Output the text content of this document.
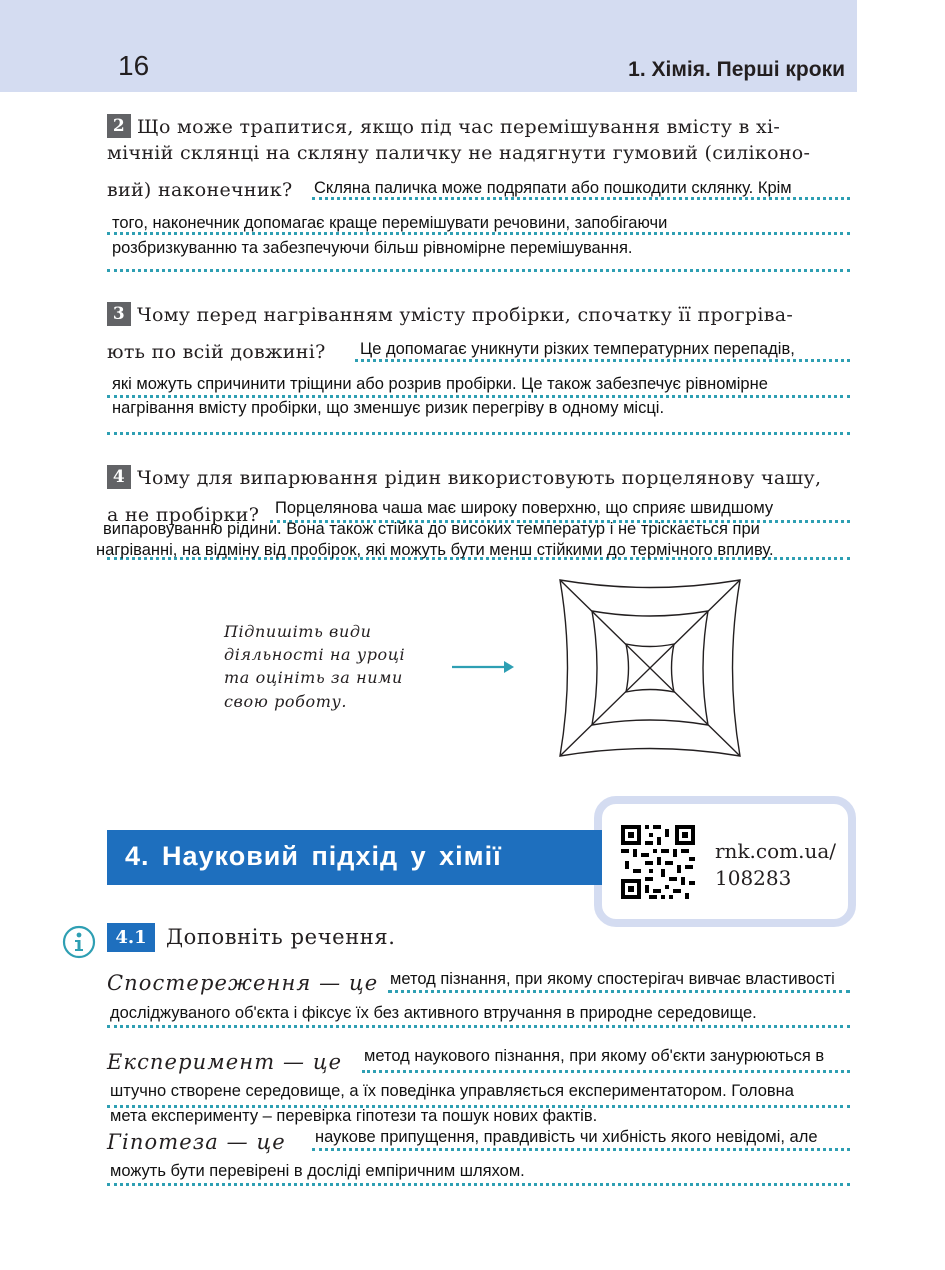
16	1. Хімія. Перші кроки
2 Що може трапитися, якщо під час перемішування вмісту в хі-
мічній склянці на скляну паличку не надягнути гумовий (силіконо-
вий) наконечник? Скляна паличка може подряпати або пошкодити склянку. Крім
того, наконечник допомагає краще перемішувати речовини, запобігаючи
розбризкуванню та забезпечуючи більш рівномірне перемішування.
3 Чому перед нагріванням умісту пробірки, спочатку її прогріва-
ють по всій довжині? Це допомагає уникнути різких температурних перепадів,
які можуть спричинити тріщини або розрив пробірки. Це також забезпечує рівномірне
нагрівання вмісту пробірки, що зменшує ризик перегріву в одному місці.
4 Чому для випарювання рідин використовують порцелянову чашу,
а не пробірки? Порцелянова чаша має широку поверхню, що сприяє швидшому
випаровуванню рідини. Вона також стійка до високих температур і не тріскається при
нагріванні, на відміну від пробірок, які можуть бути менш стійкими до термічного впливу.
Підпишіть види
діяльності на уроці
та оцініть за ними
свою роботу.
rnk.com.ua/
108283
4. Науковий підхід у хімії
4.1 Доповніть речення.
Спостереження — це метод пізнання, при якому спостерігач вивчає властивості
досліджуваного об'єкта і фіксує їх без активного втручання в природне середовище.
Експеримент — це метод наукового пізнання, при якому об'єкти занурюються в
штучно створене середовище, а їх поведінка управляється експериментатором. Головна
мета експерименту – перевірка гіпотези та пошук нових фактів.
Гіпотеза — це наукове припущення, правдивість чи хибність якого невідомі, але
можуть бути перевірені в досліді емпіричним шляхом.
